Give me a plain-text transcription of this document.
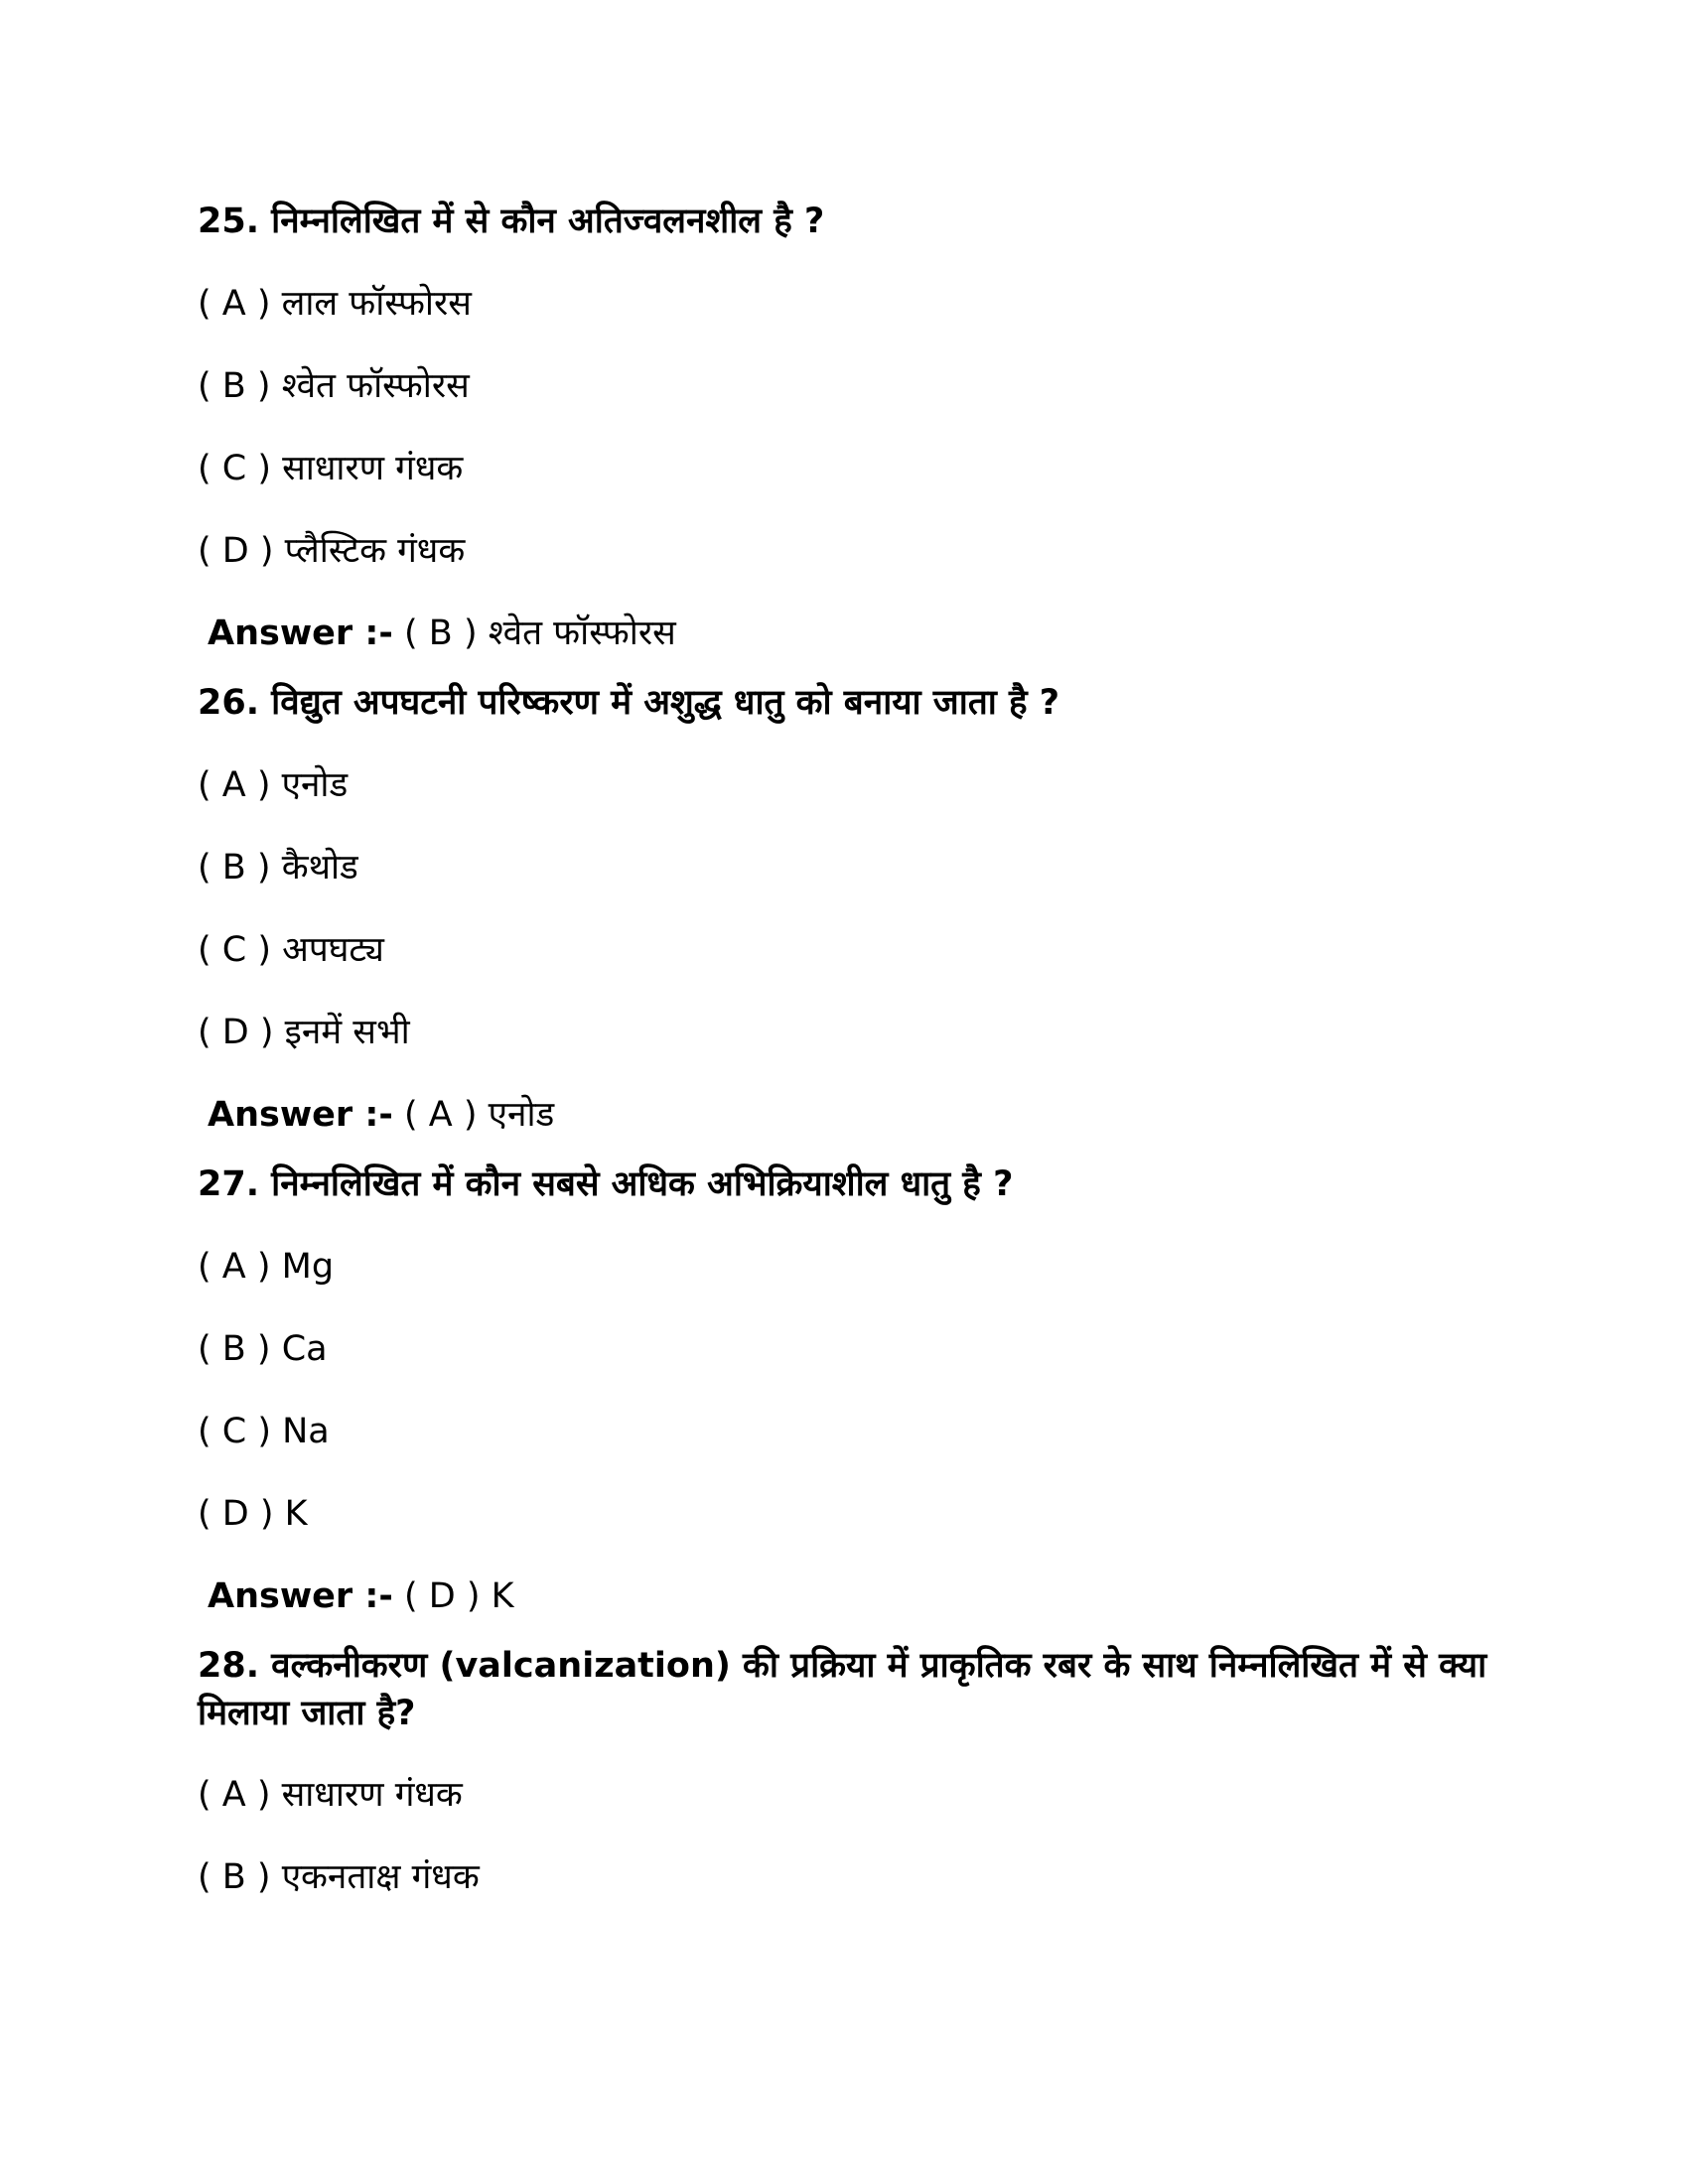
25. निम्नलिखित में से कौन अतिज्वलनशील है ?

( A ) लाल फॉस्फोरस

( B ) श्वेत फॉस्फोरस

( C ) साधारण गंधक

( D ) प्लैस्टिक गंधक

Answer :- ( B ) श्वेत फॉस्फोरस

26. विद्युत अपघटनी परिष्करण में अशुद्ध धातु को बनाया जाता है ?

( A ) एनोड

( B ) कैथोड

( C ) अपघट्य

( D ) इनमें सभी

Answer :- ( A ) एनोड

27. निम्नलिखित में कौन सबसे अधिक अभिक्रियाशील धातु है ?

( A ) Mg

( B ) Ca

( C ) Na

( D ) K

Answer :- ( D ) K

28. वल्कनीकरण (valcanization) की प्रक्रिया में प्राकृतिक रबर के साथ निम्नलिखित में से क्या मिलाया जाता है?

( A ) साधारण गंधक

( B ) एकनताक्ष गंधक
